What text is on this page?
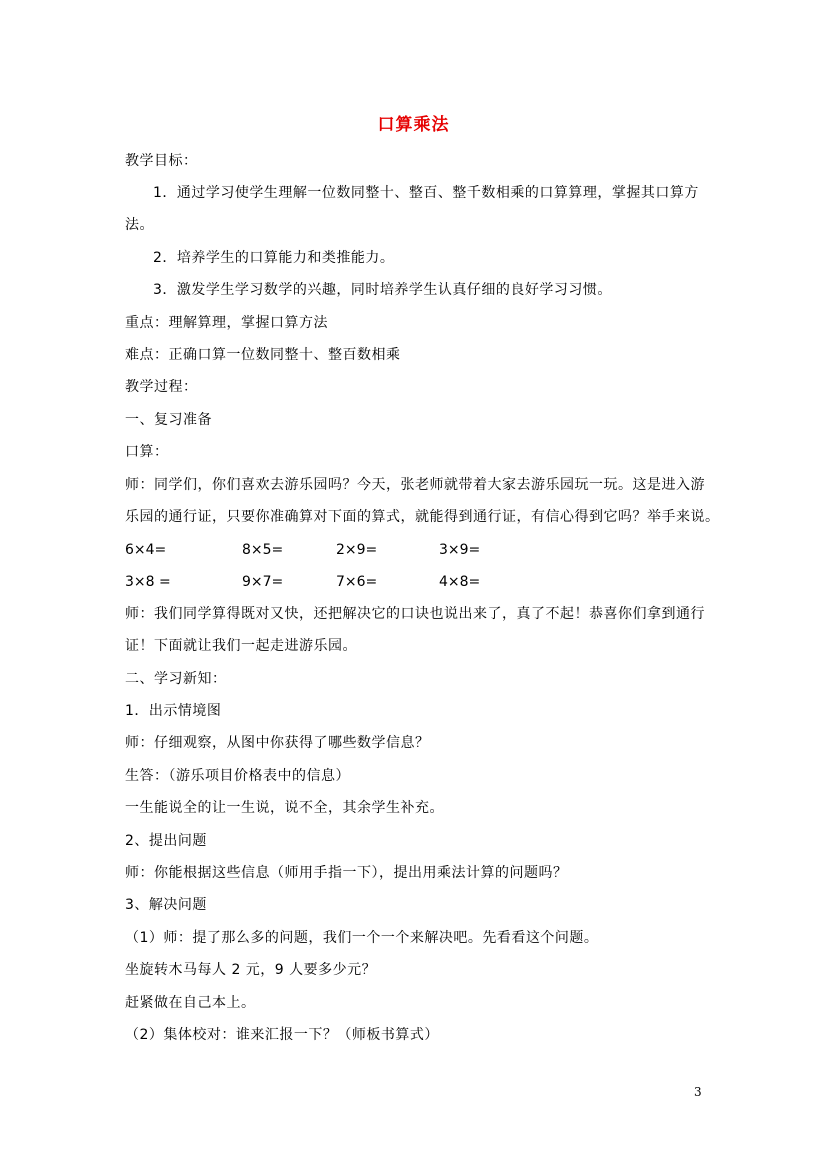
口算乘法
教学目标：
1．通过学习使学生理解一位数同整十、整百、整千数相乘的口算算理，掌握其口算方
法。
2．培养学生的口算能力和类推能力。
3．激发学生学习数学的兴趣，同时培养学生认真仔细的良好学习习惯。
重点：理解算理，掌握口算方法
难点：正确口算一位数同整十、整百数相乘
教学过程：
一、复习准备
口算：
师：同学们，你们喜欢去游乐园吗？今天，张老师就带着大家去游乐园玩一玩。这是进入游
乐园的通行证，只要你准确算对下面的算式，就能得到通行证，有信心得到它吗？举手来说。
6×4=	8×5=	2×9=	3×9=
3×8 =	9×7=	7×6=	4×8=
师：我们同学算得既对又快，还把解决它的口诀也说出来了，真了不起！恭喜你们拿到通行
证！下面就让我们一起走进游乐园。
二、学习新知：
1．出示情境图
师：仔细观察，从图中你获得了哪些数学信息？
生答：（游乐项目价格表中的信息）
一生能说全的让一生说，说不全，其余学生补充。
2、提出问题
师：你能根据这些信息（师用手指一下），提出用乘法计算的问题吗？
3、解决问题
（1）师：提了那么多的问题，我们一个一个来解决吧。先看看这个问题。
坐旋转木马每人 2 元，9 人要多少元？
赶紧做在自己本上。
（2）集体校对：谁来汇报一下？（师板书算式）
3
